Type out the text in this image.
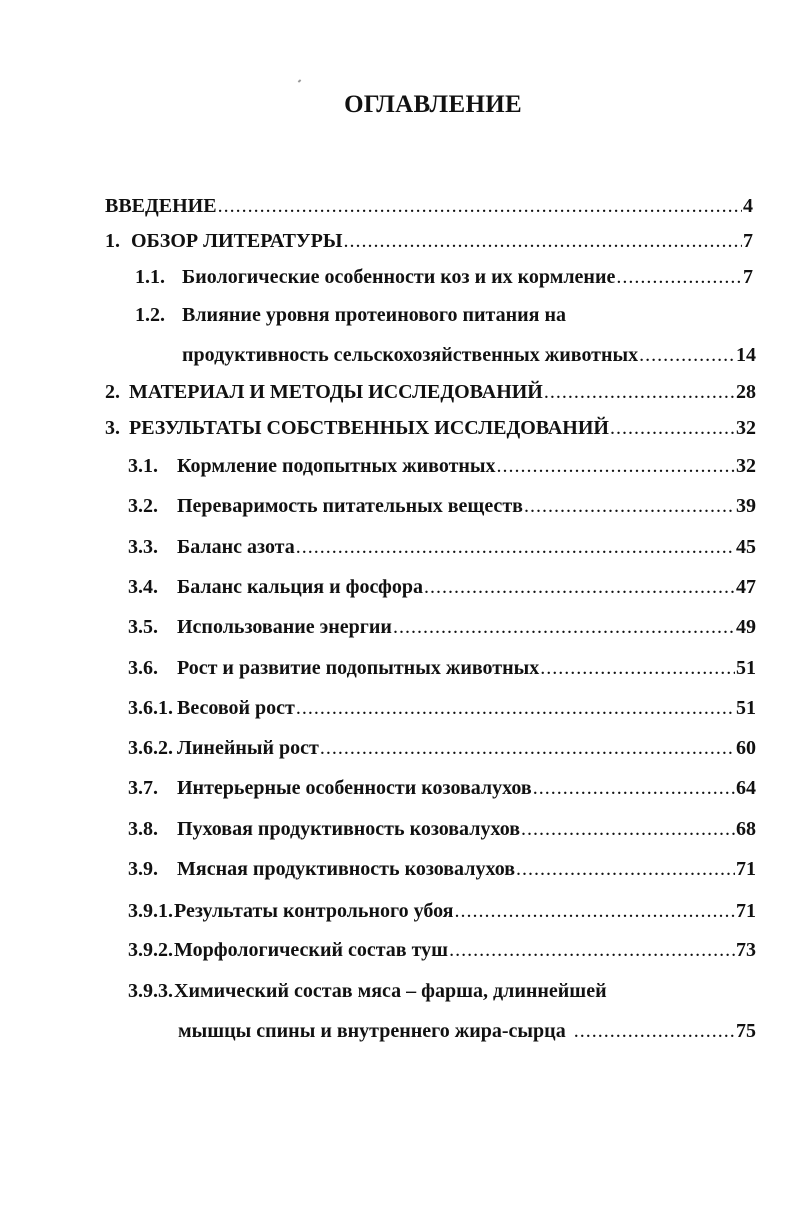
ОГЛАВЛЕНИЕ
ВВЕДЕНИЕ .....	4
1. ОБЗОР ЛИТЕРАТУРЫ .....	7
1.1. Биологические особенности коз и их кормление .....	7
1.2. Влияние уровня протеинового питания на
продуктивность сельскохозяйственных животных .....	14
2. МАТЕРИАЛ И МЕТОДЫ ИССЛЕДОВАНИЙ .....	28
3. РЕЗУЛЬТАТЫ СОБСТВЕННЫХ ИССЛЕДОВАНИЙ .....	32
3.1. Кормление подопытных животных .....	32
3.2. Переваримость питательных веществ .....	39
3.3. Баланс азота .....	45
3.4. Баланс кальция и фосфора .....	47
3.5. Использование энергии .....	49
3.6. Рост и развитие подопытных животных .....	51
3.6.1. Весовой рост .....	51
3.6.2. Линейный рост .....	60
3.7. Интерьерные особенности козовалухов .....	64
3.8. Пуховая продуктивность козовалухов .....	68
3.9. Мясная продуктивность козовалухов .....	71
3.9.1. Результаты контрольного убоя .....	71
3.9.2. Морфологический состав туш .....	73
3.9.3. Химический состав мяса – фарша, длиннейшей
мышцы спины и внутреннего жира-сырца .....	75
